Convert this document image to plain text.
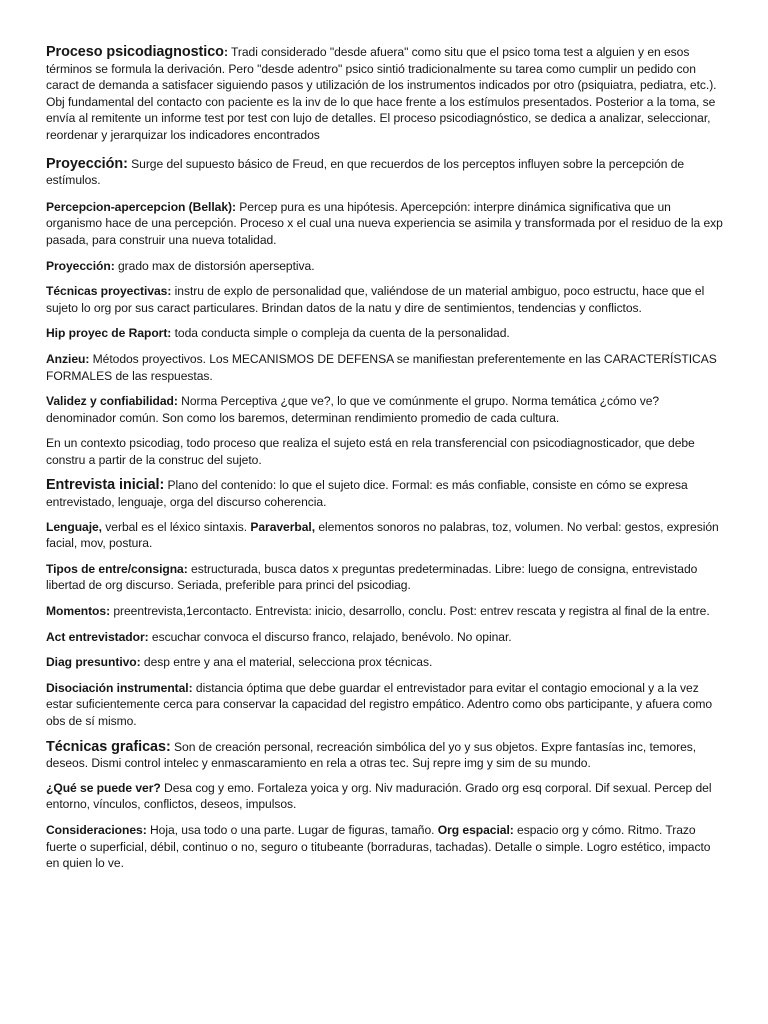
Proceso psicodiagnostico: Tradi considerado "desde afuera" como situ que el psico toma test a alguien y en esos términos se formula la derivación. Pero "desde adentro" psico sintió tradicionalmente su tarea como cumplir un pedido con caract de demanda a satisfacer siguiendo pasos y utilización de los instrumentos indicados por otro (psiquiatra, pediatra, etc.). Obj fundamental del contacto con paciente es la inv de lo que hace frente a los estímulos presentados. Posterior a la toma, se envía al remitente un informe test por test con lujo de detalles. El proceso psicodiagnóstico, se dedica a analizar, seleccionar, reordenar y jerarquizar los indicadores encontrados

Proyección: Surge del supuesto básico de Freud, en que recuerdos de los perceptos influyen sobre la percepción de estímulos.

Percepcion-apercepcion (Bellak): Percep pura es una hipótesis. Apercepción: interpre dinámica significativa que un organismo hace de una percepción. Proceso x el cual una nueva experiencia se asimila y transformada por el residuo de la exp pasada, para construir una nueva totalidad.

Proyección: grado max de distorsión aperseptiva.

Técnicas proyectivas: instru de explo de personalidad que, valiéndose de un material ambiguo, poco estructu, hace que el sujeto lo org por sus caract particulares. Brindan datos de la natu y dire de sentimientos, tendencias y conflictos.

Hip proyec de Raport: toda conducta simple o compleja da cuenta de la personalidad.

Anzieu: Métodos proyectivos. Los MECANISMOS DE DEFENSA se manifiestan preferentemente en las CARACTERÍSTICAS FORMALES de las respuestas.

Validez y confiabilidad: Norma Perceptiva ¿que ve?, lo que ve comúnmente el grupo. Norma temática ¿cómo ve? denominador común. Son como los baremos, determinan rendimiento promedio de cada cultura.

En un contexto psicodiag, todo proceso que realiza el sujeto está en rela transferencial con psicodiagnosticador, que debe constru a partir de la construc del sujeto.

Entrevista inicial: Plano del contenido: lo que el sujeto dice. Formal: es más confiable, consiste en cómo se expresa entrevistado, lenguaje, orga del discurso coherencia.

Lenguaje, verbal es el léxico sintaxis. Paraverbal, elementos sonoros no palabras, toz, volumen. No verbal: gestos, expresión facial, mov, postura.

Tipos de entre/consigna: estructurada, busca datos x preguntas predeterminadas. Libre: luego de consigna, entrevistado libertad de org discurso. Seriada, preferible para princi del psicodiag.

Momentos: preentrevista,1ercontacto. Entrevista: inicio, desarrollo, conclu. Post: entrev rescata y registra al final de la entre.

Act entrevistador: escuchar convoca el discurso franco, relajado, benévolo. No opinar.

Diag presuntivo: desp entre y ana el material, selecciona prox técnicas.

Disociación instrumental: distancia óptima que debe guardar el entrevistador para evitar el contagio emocional y a la vez estar suficientemente cerca para conservar la capacidad del registro empático. Adentro como obs participante, y afuera como obs de sí mismo.

Técnicas graficas: Son de creación personal, recreación simbólica del yo y sus objetos. Expre fantasías inc, temores, deseos. Dismi control intelec y enmascaramiento en rela a otras tec. Suj repre img y sim de su mundo.

¿Qué se puede ver? Desa cog y emo. Fortaleza yoica y org. Niv maduración. Grado org esq corporal. Dif sexual. Percep del entorno, vínculos, conflictos, deseos, impulsos.

Consideraciones: Hoja, usa todo o una parte. Lugar de figuras, tamaño. Org espacial: espacio org y cómo. Ritmo. Trazo fuerte o superficial, débil, continuo o no, seguro o titubeante (borraduras, tachadas). Detalle o simple. Logro estético, impacto en quien lo ve.
